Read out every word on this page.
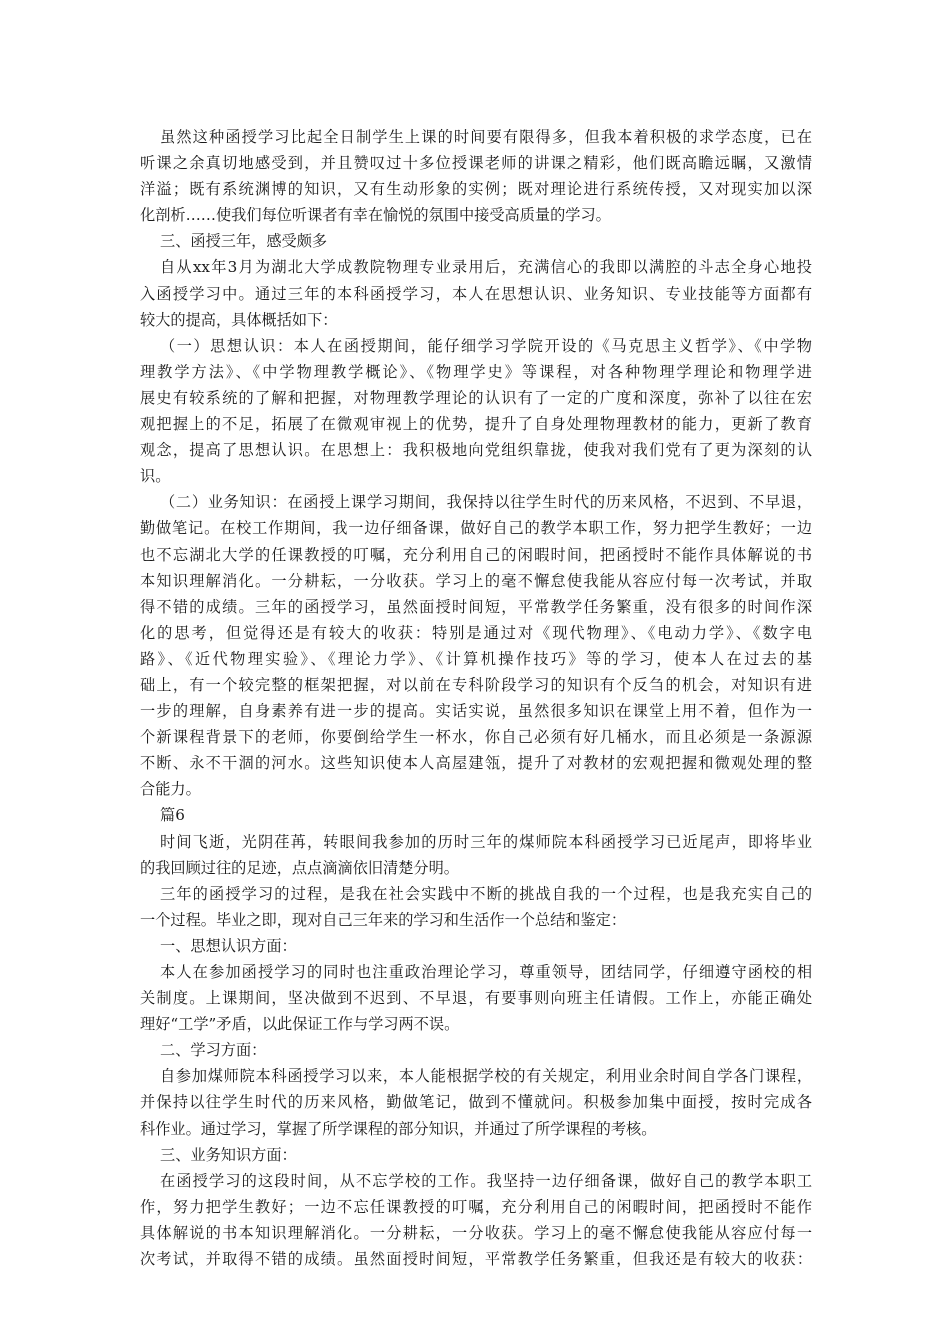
虽然这种函授学习比起全日制学生上课的时间要有限得多，但我本着积极的求学态度，已在
听课之余真切地感受到，并且赞叹过十多位授课老师的讲课之精彩，他们既高瞻远瞩，又激情
洋溢；既有系统渊博的知识，又有生动形象的实例；既对理论进行系统传授，又对现实加以深
化剖析……使我们每位听课者有幸在愉悦的氛围中接受高质量的学习。
三、函授三年，感受颇多
自从xx年3月为湖北大学成教院物理专业录用后，充满信心的我即以满腔的斗志全身心地投
入函授学习中。通过三年的本科函授学习，本人在思想认识、业务知识、专业技能等方面都有
较大的提高，具体概括如下：
（一）思想认识：本人在函授期间，能仔细学习学院开设的《马克思主义哲学》、《中学物
理教学方法》、《中学物理教学概论》、《物理学史》等课程，对各种物理学理论和物理学进
展史有较系统的了解和把握，对物理教学理论的认识有了一定的广度和深度，弥补了以往在宏
观把握上的不足，拓展了在微观审视上的优势，提升了自身处理物理教材的能力，更新了教育
观念，提高了思想认识。在思想上：我积极地向党组织靠拢，使我对我们党有了更为深刻的认
识。
（二）业务知识：在函授上课学习期间，我保持以往学生时代的历来风格，不迟到、不早退，
勤做笔记。在校工作期间，我一边仔细备课，做好自己的教学本职工作，努力把学生教好；一边
也不忘湖北大学的任课教授的叮嘱，充分利用自己的闲暇时间，把函授时不能作具体解说的书
本知识理解消化。一分耕耘，一分收获。学习上的毫不懈怠使我能从容应付每一次考试，并取
得不错的成绩。三年的函授学习，虽然面授时间短，平常教学任务繁重，没有很多的时间作深
化的思考，但觉得还是有较大的收获：特别是通过对《现代物理》、《电动力学》、《数字电
路》、《近代物理实验》、《理论力学》、《计算机操作技巧》等的学习，使本人在过去的基
础上，有一个较完整的框架把握，对以前在专科阶段学习的知识有个反刍的机会，对知识有进
一步的理解，自身素养有进一步的提高。实话实说，虽然很多知识在课堂上用不着，但作为一
个新课程背景下的老师，你要倒给学生一杯水，你自己必须有好几桶水，而且必须是一条源源
不断、永不干涸的河水。这些知识使本人高屋建瓴，提升了对教材的宏观把握和微观处理的整
合能力。
篇6
时间飞逝，光阴荏苒，转眼间我参加的历时三年的煤师院本科函授学习已近尾声，即将毕业
的我回顾过往的足迹，点点滴滴依旧清楚分明。
三年的函授学习的过程，是我在社会实践中不断的挑战自我的一个过程，也是我充实自己的
一个过程。毕业之即，现对自己三年来的学习和生活作一个总结和鉴定：
一、思想认识方面：
本人在参加函授学习的同时也注重政治理论学习，尊重领导，团结同学，仔细遵守函校的相
关制度。上课期间，坚决做到不迟到、不早退，有要事则向班主任请假。工作上，亦能正确处
理好“工学”矛盾，以此保证工作与学习两不误。
二、学习方面：
自参加煤师院本科函授学习以来，本人能根据学校的有关规定，利用业余时间自学各门课程，
并保持以往学生时代的历来风格，勤做笔记，做到不懂就问。积极参加集中面授，按时完成各
科作业。通过学习，掌握了所学课程的部分知识，并通过了所学课程的考核。
三、业务知识方面：
在函授学习的这段时间，从不忘学校的工作。我坚持一边仔细备课，做好自己的教学本职工
作，努力把学生教好；一边不忘任课教授的叮嘱，充分利用自己的闲暇时间，把函授时不能作
具体解说的书本知识理解消化。一分耕耘，一分收获。学习上的毫不懈怠使我能从容应付每一
次考试，并取得不错的成绩。虽然面授时间短，平常教学任务繁重，但我还是有较大的收获：
